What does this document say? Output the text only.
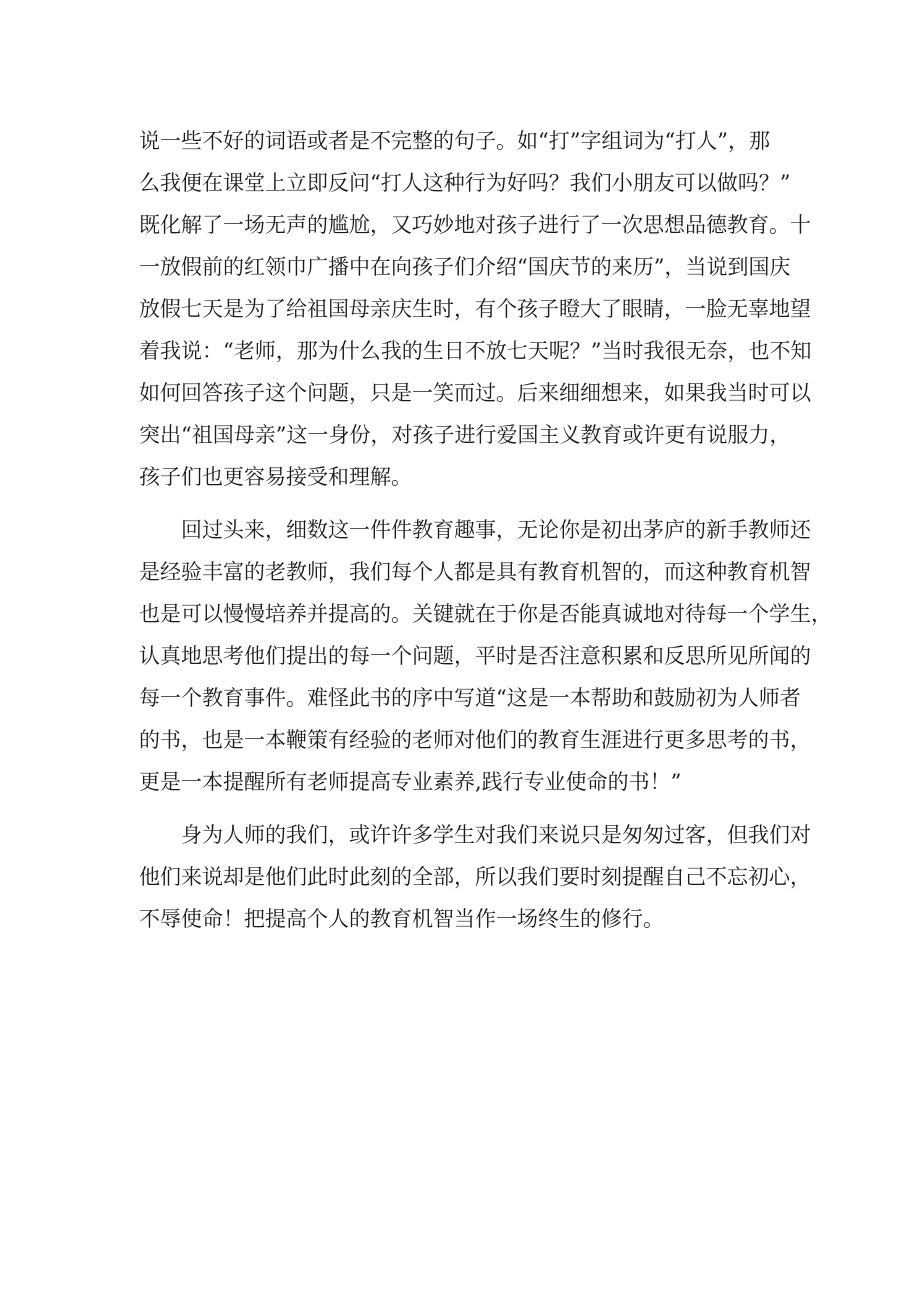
说一些不好的词语或者是不完整的句子。如“打”字组词为“打人”，那

么我便在课堂上立即反问“打人这种行为好吗？我们小朋友可以做吗？”

既化解了一场无声的尴尬，又巧妙地对孩子进行了一次思想品德教育。十

一放假前的红领巾广播中在向孩子们介绍“国庆节的来历”，当说到国庆

放假七天是为了给祖国母亲庆生时，有个孩子瞪大了眼睛，一脸无辜地望

着我说：“老师，那为什么我的生日不放七天呢？”当时我很无奈，也不知

如何回答孩子这个问题，只是一笑而过。后来细细想来，如果我当时可以

突出“祖国母亲”这一身份，对孩子进行爱国主义教育或许更有说服力，

孩子们也更容易接受和理解。

回过头来，细数这一件件教育趣事，无论你是初出茅庐的新手教师还

是经验丰富的老教师，我们每个人都是具有教育机智的，而这种教育机智

也是可以慢慢培养并提高的。关键就在于你是否能真诚地对待每一个学生，

认真地思考他们提出的每一个问题，平时是否注意积累和反思所见所闻的

每一个教育事件。难怪此书的序中写道“这是一本帮助和鼓励初为人师者

的书，也是一本鞭策有经验的老师对他们的教育生涯进行更多思考的书，

更是一本提醒所有老师提高专业素养,践行专业使命的书！”

身为人师的我们，或许许多学生对我们来说只是匆匆过客，但我们对

他们来说却是他们此时此刻的全部，所以我们要时刻提醒自己不忘初心，

不辱使命！把提高个人的教育机智当作一场终生的修行。
